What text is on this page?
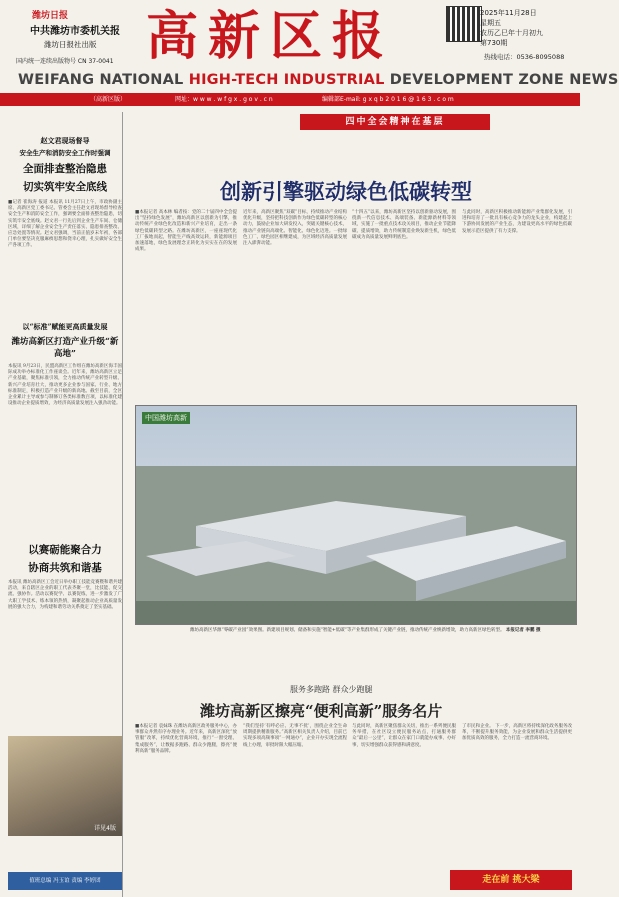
潍坊日报
中共潍坊市委机关报
潍坊日报社出版
国内统一连续出版物号 CN 37-0041 高新区报	2025年11月28日
星期五
农历乙巳年十月初九
第730期
热线电话：0536-8095088
WEIFANG NATIONAL HIGH-TECH INDUSTRIAL DEVELOPMENT ZONE NEWS
（高新区版）	网址：w w w . w f g x . g o v . c n	编辑部E-mail: g x q b 2 0 1 6 @ 1 6 3 . c o m
赵文君现场督导
安全生产和消防安全工作时强调
全面排查整治隐患
切实筑牢安全底线
■记者 崔海涛 报道 本报讯 11月27日上午，市政协副主席、高新区党工委书记、管委会主任赵文君现场督导检查安全生产和消防安全工作，强调要全面排查整治隐患，切实筑牢安全底线。赵文君一行先后到企业生产车间、仓储区域，详细了解企业安全生产责任落实、隐患排查整改、应急处置等情况。赵文君强调，当前正值岁末年初，各部门单位要坚决克服麻痹思想和侥幸心理，扎实做好安全生产各项工作。
以“标准”赋能更高质量发展
潍坊高新区打造产业升级“新高地”
本报讯 9月23日，民盟高新区工作组在潍坊高新区海丰国际成功举办标准化工作座谈会。近年来，潍坊高新区立足产业基础，聚焦标准引领，全力推动传统产业转型升级、新兴产业培育壮大，推动更多企业参与国家、行业、地方标准制定，积极打造产业升级的新高地。截至目前，全区企业累计主导或参与制修订各类标准数百项，以标准化建设推动企业提质增效，为经济高质量发展注入强劲动能。
以赛砺能聚合力
协商共筑和谐基
本报讯 潍坊高新区工会近日举办职工技能竞赛暨和谐共建活动，来自辖区企业的职工代表齐聚一堂，比技能、促交流、强协作。活动以赛促学、以赛促练，进一步激发了广大职工学技术、练本领的热情，凝聚起推动企业高质量发展的强大合力，为构建和谐劳动关系奠定了坚实基础。
详见4版
四中全会精神在基层
创新引擎驱动绿色低碳转型
■本报记者 高本林 编者按：党的二十届四中全会提出“坚持绿色发展”，潍坊高新区以创新为引擎，推动传统产业绿色化改造和新兴产业培育，走出一条绿色低碳转型之路。在潍坊高新区，一座座现代化工厂拔地而起，智能生产线高效运转，新能源项目加速落地，绿色发展理念正转化为实实在在的发展成果。
近年来，高新区聚焦“双碳”目标，持续推动产业结构优化升级，坚持把科技创新作为绿色低碳转型的核心动力，鼓励企业加大研发投入，突破关键核心技术，推动产业链向高端化、智能化、绿色化迈进。一批绿色工厂、绿色园区相继建成，为区域经济高质量发展注入澎湃动能。
“十四五”以来，潍坊高新区坚持以创新驱动发展，围绕新一代信息技术、高端装备、新能源新材料等领域，实施了一批重点技术攻关项目，推动企业节能降碳、提质增效，助力传统制造业焕发新生机，绿色低碳成为高质量发展鲜明底色。
与此同时，高新区积极推动新能源产业集群化发展，引进和培育了一批具有核心竞争力的龙头企业，构建起上下游协同发展的产业生态，为建设更高水平的绿色低碳发展示范区提供了有力支撑。
中国潍坊高新
潍坊高新区华源“零碳产业园”效果图。新建项目规划、储备和实施“智能+低碳”等产业集群形成了关键产业链，推动传统产业焕新增效，助力高新区绿色转型。 本报记者 李鹏 摄
服务多跑路 群众少跑腿
潍坊高新区擦亮“便利高新”服务名片
■本报记者 袁妹珠 在潍坊高新区政务服务中心，办事群众井然有序办理业务。近年来，高新区深化“放管服”改革，持续优化营商环境，推行“一窗受理、集成服务”，让数据多跑路、群众少跑腿，擦亮“便利高新”服务品牌。
“我们坚持‘有呼必应、无事不扰’，围绕企业全生命周期提供精准服务。”高新区相关负责人介绍，目前已实现多项高频事项“一网通办”，企业开办实现全流程线上办理，审批时限大幅压缩。
与此同时，高新区聚焦群众关切，推出一系列便民服务举措，在社区设立便民服务站点，打通服务群众“最后一公里”，让群众在家门口就能办成事、办好事，切实增强群众获得感和满意度。
了市民和企业。 下一步，高新区将持续深化政务服务改革，不断提升服务效能，为企业发展和群众生活提供更加优质高效的服务，全力打造一流营商环境。
值班总编 冯玉谊 责编 李婷团	走在前 挑大梁
